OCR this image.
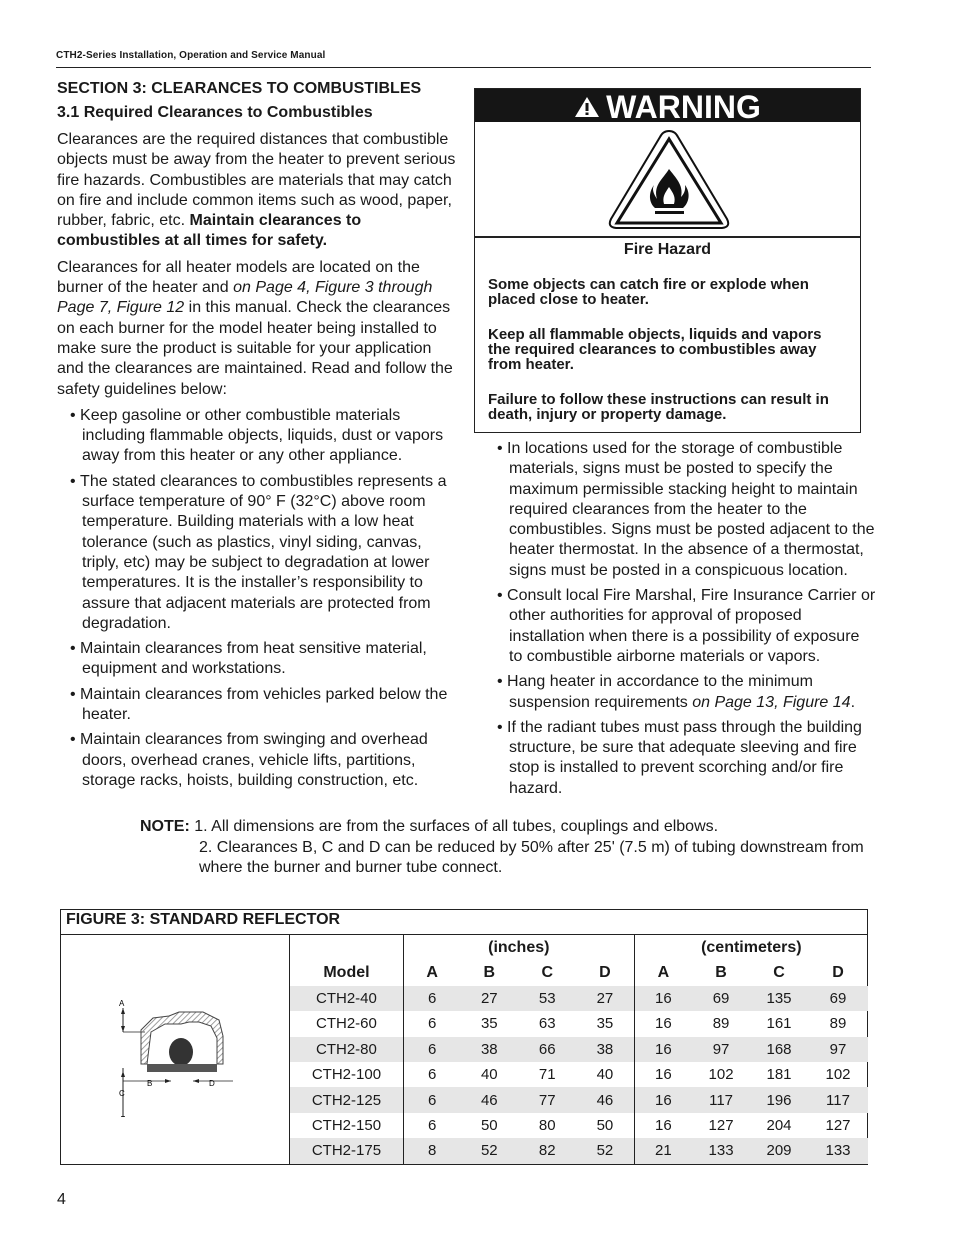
CTH2-Series Installation, Operation and Service Manual
SECTION 3: CLEARANCES TO COMBUSTIBLES
3.1 Required Clearances to Combustibles

Clearances are the required distances that combustible objects must be away from the heater to prevent serious fire hazards. Combustibles are materials that may catch on fire and include common items such as wood, paper, rubber, fabric, etc. Maintain clearances to combustibles at all times for safety.

Clearances for all heater models are located on the burner of the heater and on Page 4, Figure 3 through Page 7, Figure 12 in this manual. Check the clearances on each burner for the model heater being installed to make sure the product is suitable for your application and the clearances are maintained. Read and follow the safety guidelines below:

• Keep gasoline or other combustible materials including flammable objects, liquids, dust or vapors away from this heater or any other appliance.

• The stated clearances to combustibles represents a surface temperature of 90° F (32°C) above room temperature. Building materials with a low heat tolerance (such as plastics, vinyl siding, canvas, triply, etc) may be subject to degradation at lower temperatures. It is the installer’s responsibility to assure that adjacent materials are protected from degradation.

• Maintain clearances from heat sensitive material, equipment and workstations.

• Maintain clearances from vehicles parked below the heater.

• Maintain clearances from swinging and overhead doors, overhead cranes, vehicle lifts, partitions, storage racks, hoists, building construction, etc.

WARNING
Fire Hazard

Some objects can catch fire or explode when placed close to heater.

Keep all flammable objects, liquids and vapors the required clearances to combustibles away from heater.

Failure to follow these instructions can result in death, injury or property damage.

• In locations used for the storage of combustible materials, signs must be posted to specify the maximum permissible stacking height to maintain required clearances from the heater to the combustibles. Signs must be posted adjacent to the heater thermostat. In the absence of a thermostat, signs must be posted in a conspicuous location.

• Consult local Fire Marshal, Fire Insurance Carrier or other authorities for approval of proposed installation when there is a possibility of exposure to combustible airborne materials or vapors.

• Hang heater in accordance to the minimum suspension requirements on Page 13, Figure 14.

• If the radiant tubes must pass through the building structure, be sure that adequate sleeving and fire stop is installed to prevent scorching and/or fire hazard.

NOTE: 1. All dimensions are from the surfaces of all tubes, couplings and elbows.
2. Clearances B, C and D can be reduced by 50% after 25' (7.5 m) of tubing downstream from where the burner and burner tube connect.
FIGURE 3: STANDARD REFLECTOR
A
C
B	D
	(inches)				(centimeters)			
Model	A	B	C	D	A	B	C	D
CTH2-40	6	27	53	27	16	69	135	69
CTH2-60	6	35	63	35	16	89	161	89
CTH2-80	6	38	66	38	16	97	168	97
CTH2-100	6	40	71	40	16	102	181	102
CTH2-125	6	46	77	46	16	117	196	117
CTH2-150	6	50	80	50	16	127	204	127
CTH2-175	8	52	82	52	21	133	209	133
4
